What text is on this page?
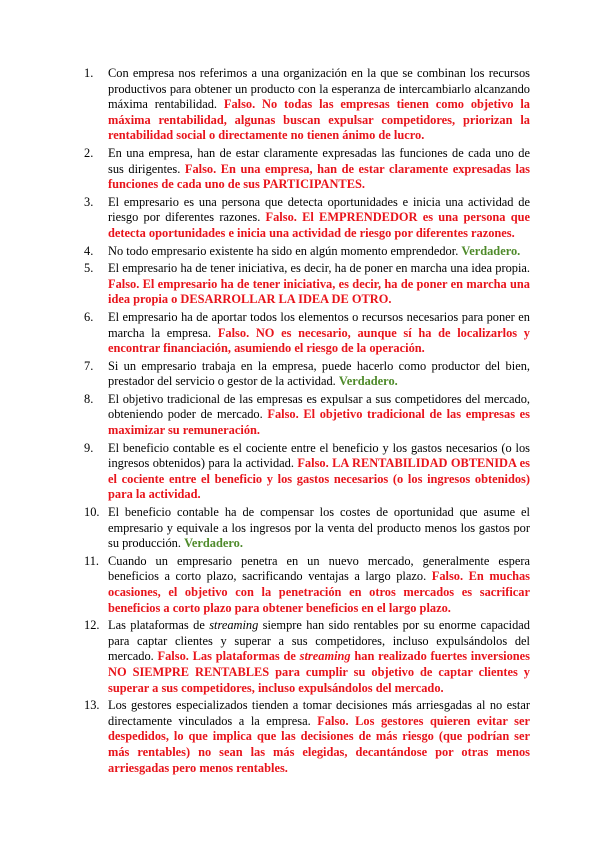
1.	Con empresa nos referimos a una organización en la que se combinan los recursos productivos para obtener un producto con la esperanza de intercambiarlo alcanzando máxima rentabilidad. Falso. No todas las empresas tienen como objetivo la máxima rentabilidad, algunas buscan expulsar competidores, priorizan la rentabilidad social o directamente no tienen ánimo de lucro.
2.	En una empresa, han de estar claramente expresadas las funciones de cada uno de sus dirigentes. Falso. En una empresa, han de estar claramente expresadas las funciones de cada uno de sus PARTICIPANTES.
3.	El empresario es una persona que detecta oportunidades e inicia una actividad de riesgo por diferentes razones. Falso. El EMPRENDEDOR es una persona que detecta oportunidades e inicia una actividad de riesgo por diferentes razones.
4.	No todo empresario existente ha sido en algún momento emprendedor. Verdadero.
5.	El empresario ha de tener iniciativa, es decir, ha de poner en marcha una idea propia. Falso. El empresario ha de tener iniciativa, es decir, ha de poner en marcha una idea propia o DESARROLLAR LA IDEA DE OTRO.
6.	El empresario ha de aportar todos los elementos o recursos necesarios para poner en marcha la empresa. Falso. NO es necesario, aunque sí ha de localizarlos y encontrar financiación, asumiendo el riesgo de la operación.
7.	Si un empresario trabaja en la empresa, puede hacerlo como productor del bien, prestador del servicio o gestor de la actividad. Verdadero.
8.	El objetivo tradicional de las empresas es expulsar a sus competidores del mercado, obteniendo poder de mercado. Falso. El objetivo tradicional de las empresas es maximizar su remuneración.
9.	El beneficio contable es el cociente entre el beneficio y los gastos necesarios (o los ingresos obtenidos) para la actividad. Falso. LA RENTABILIDAD OBTENIDA es el cociente entre el beneficio y los gastos necesarios (o los ingresos obtenidos) para la actividad.
10. El beneficio contable ha de compensar los costes de oportunidad que asume el empresario y equivale a los ingresos por la venta del producto menos los gastos por su producción. Verdadero.
11. Cuando un empresario penetra en un nuevo mercado, generalmente espera beneficios a corto plazo, sacrificando ventajas a largo plazo. Falso. En muchas ocasiones, el objetivo con la penetración en otros mercados es sacrificar beneficios a corto plazo para obtener beneficios en el largo plazo.
12. Las plataformas de streaming siempre han sido rentables por su enorme capacidad para captar clientes y superar a sus competidores, incluso expulsándolos del mercado. Falso. Las plataformas de streaming han realizado fuertes inversiones NO SIEMPRE RENTABLES para cumplir su objetivo de captar clientes y superar a sus competidores, incluso expulsándolos del mercado.
13. Los gestores especializados tienden a tomar decisiones más arriesgadas al no estar directamente vinculados a la empresa. Falso. Los gestores quieren evitar ser despedidos, lo que implica que las decisiones de más riesgo (que podrían ser más rentables) no sean las más elegidas, decantándose por otras menos arriesgadas pero menos rentables.
